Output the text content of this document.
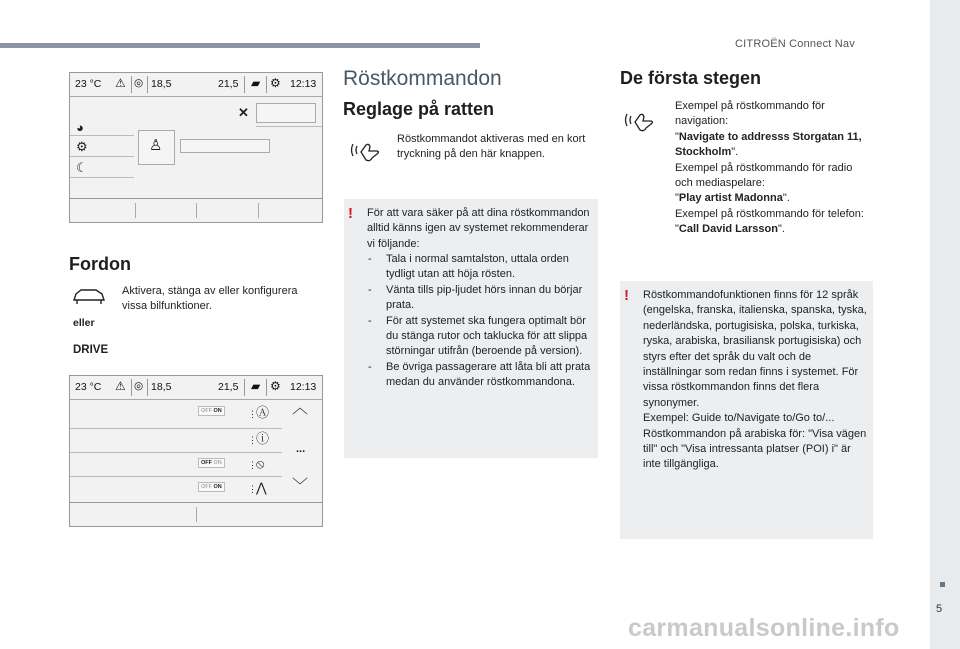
CITROËN Connect Nav
5
carmanualsonline.info
23 °C ⚠ ◎ 18,5	21,5 ▰ ⚙ 12:13
✕
◕
⚙
☾
♙
23 °C ⚠ ◎ 18,5	21,5 ▰ ⚙ 12:13
OFF ON	⋮ Ⓐ ︿
⋮ ⓘ
...
OFF ON	⋮ ⦸
OFF ON	⋮ ⋀ ﹀
Fordon
eller
DRIVE
Aktivera, stänga av eller konfigurera vissa bilfunktioner.
Röstkommandon
Reglage på ratten
Röstkommandot aktiveras med en kort tryckning på den här knappen.
! För att vara säker på att dina röstkommandon alltid känns igen av systemet rekommenderar vi följande:
- Tala i normal samtalston, uttala orden tydligt utan att höja rösten.
- Vänta tills pip-ljudet hörs innan du börjar prata.
- För att systemet ska fungera optimalt bör du stänga rutor och taklucka för att slippa störningar utifrån (beroende på version).
- Be övriga passagerare att låta bli att prata medan du använder röstkommandona.
De första stegen
Exempel på röstkommando för navigation:
"Navigate to addresss Storgatan 11, Stockholm".
Exempel på röstkommando för radio och mediaspelare:
"Play artist Madonna".
Exempel på röstkommando för telefon:
"Call David Larsson".
! Röstkommandofunktionen finns för 12 språk (engelska, franska, italienska, spanska, tyska, nederländska, portugisiska, polska, turkiska, ryska, arabiska, brasiliansk portugisiska) och styrs efter det språk du valt och de inställningar som redan finns i systemet. För vissa röstkommandon finns det flera synonymer.
Exempel: Guide to/Navigate to/Go to/... Röstkommandon på arabiska för: "Visa vägen till" och "Visa intressanta platser (POI) i" är inte tillgängliga.
